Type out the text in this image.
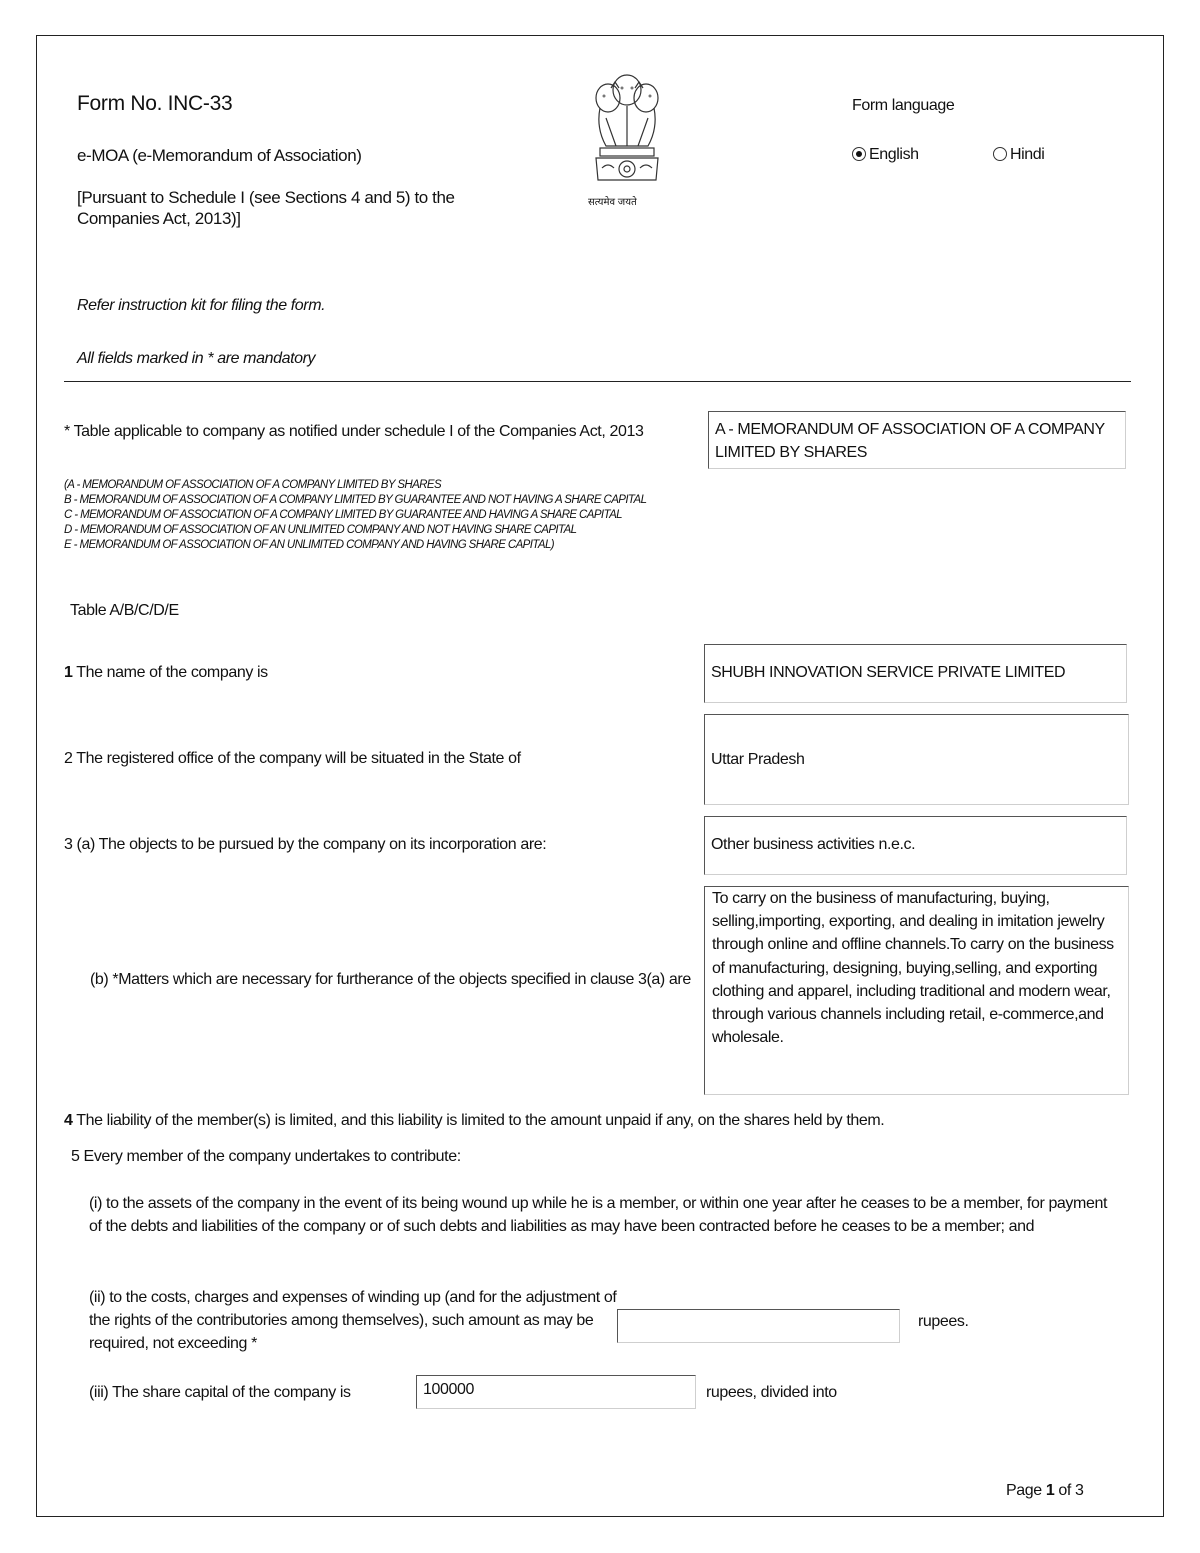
Form No. INC-33
e-MOA (e-Memorandum of Association)
[Pursuant to Schedule I (see Sections 4 and 5) to the Companies Act, 2013)]
सत्यमेव जयते
Form language
English	Hindi
Refer instruction kit for filing the form.
All fields marked in * are mandatory
* Table applicable to company as notified under schedule I of the Companies Act, 2013	A - MEMORANDUM OF ASSOCIATION OF A COMPANY LIMITED BY SHARES
(A - MEMORANDUM OF ASSOCIATION OF A COMPANY LIMITED BY SHARES
B - MEMORANDUM OF ASSOCIATION OF A COMPANY LIMITED BY GUARANTEE AND NOT HAVING A SHARE CAPITAL
C - MEMORANDUM OF ASSOCIATION OF A COMPANY LIMITED BY GUARANTEE AND HAVING A SHARE CAPITAL
D - MEMORANDUM OF ASSOCIATION OF AN UNLIMITED COMPANY AND NOT HAVING SHARE CAPITAL
E - MEMORANDUM OF ASSOCIATION OF AN UNLIMITED COMPANY AND HAVING SHARE CAPITAL)
Table A/B/C/D/E
1 The name of the company is	SHUBH INNOVATION SERVICE PRIVATE LIMITED
2 The registered office of the company will be situated in the State of	Uttar Pradesh
3 (a) The objects to be pursued by the company on its incorporation are:	Other business activities n.e.c.
(b) *Matters which are necessary for furtherance of the objects specified in clause 3(a) are
To carry on the business of manufacturing, buying, selling,importing, exporting, and dealing in imitation jewelry through online and offline channels.To carry on the business of manufacturing, designing, buying,selling, and exporting clothing and apparel, including traditional and modern wear, through various channels including retail, e-commerce,and wholesale.
4 The liability of the member(s) is limited, and this liability is limited to the amount unpaid if any, on the shares held by them.
5 Every member of the company undertakes to contribute:
(i) to the assets of the company in the event of its being wound up while he is a member, or within one year after he ceases to be a member, for payment of the debts and liabilities of the company or of such debts and liabilities as may have been contracted before he ceases to be a member; and
(ii) to the costs, charges and expenses of winding up (and for the adjustment of the rights of the contributories among themselves), such amount as may be required, not exceeding *
rupees.
(iii) The share capital of the company is	100000	rupees, divided into
Page 1 of 3
